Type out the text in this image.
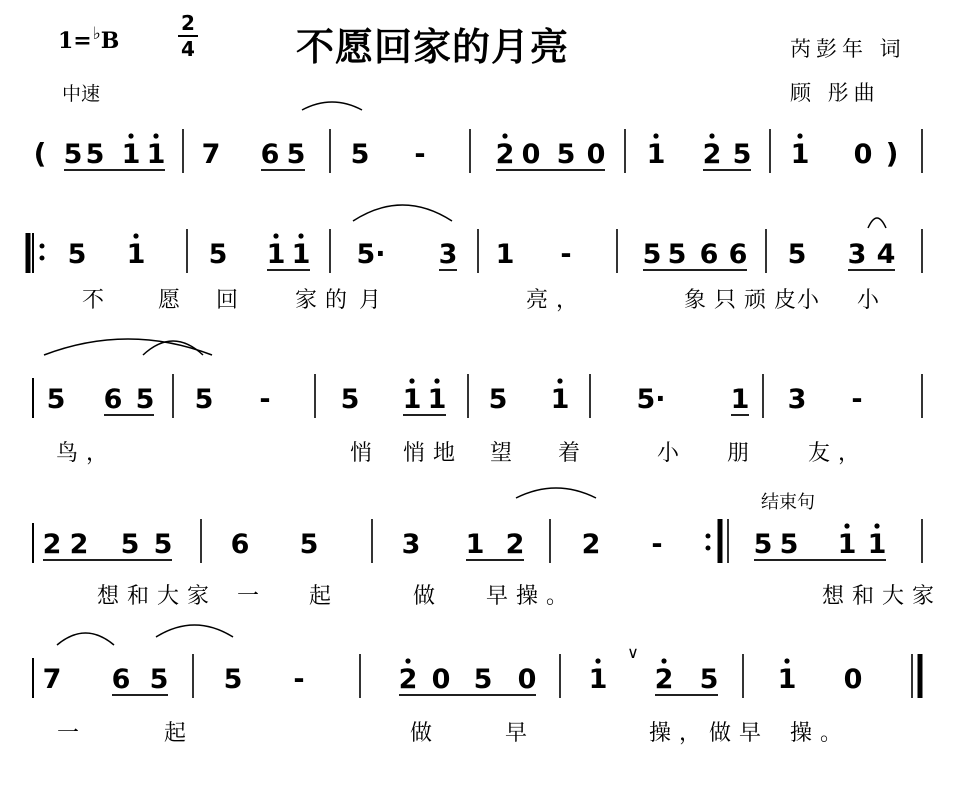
1=♭B
2
4	不愿回家的月亮
中速
芮彭年 词
顾 彤曲
( 5 5 1 1 7 6 5 5 -	2 0 5 0 1 2 5 1 0 )
5 1 5 1 1 5· 3 1 -	5 5 6 6 5 3 4
不 愿 回 家的 月	亮，	象只顽皮
小 小
5 6 5 5 -	5 1 1 5 1 5· 1 3 -
鸟，	悄 悄地 望 着	小 朋 友，
2 2 5 5 6 5	3 1 2 2 -	5 5 1 1
想和大家 一 起	做 早操。	想和大家
结束句
7 6 5 5 -	2 0 5 0 1
∨
2 5 1 0
一	起	做	早	操，做早 操。
